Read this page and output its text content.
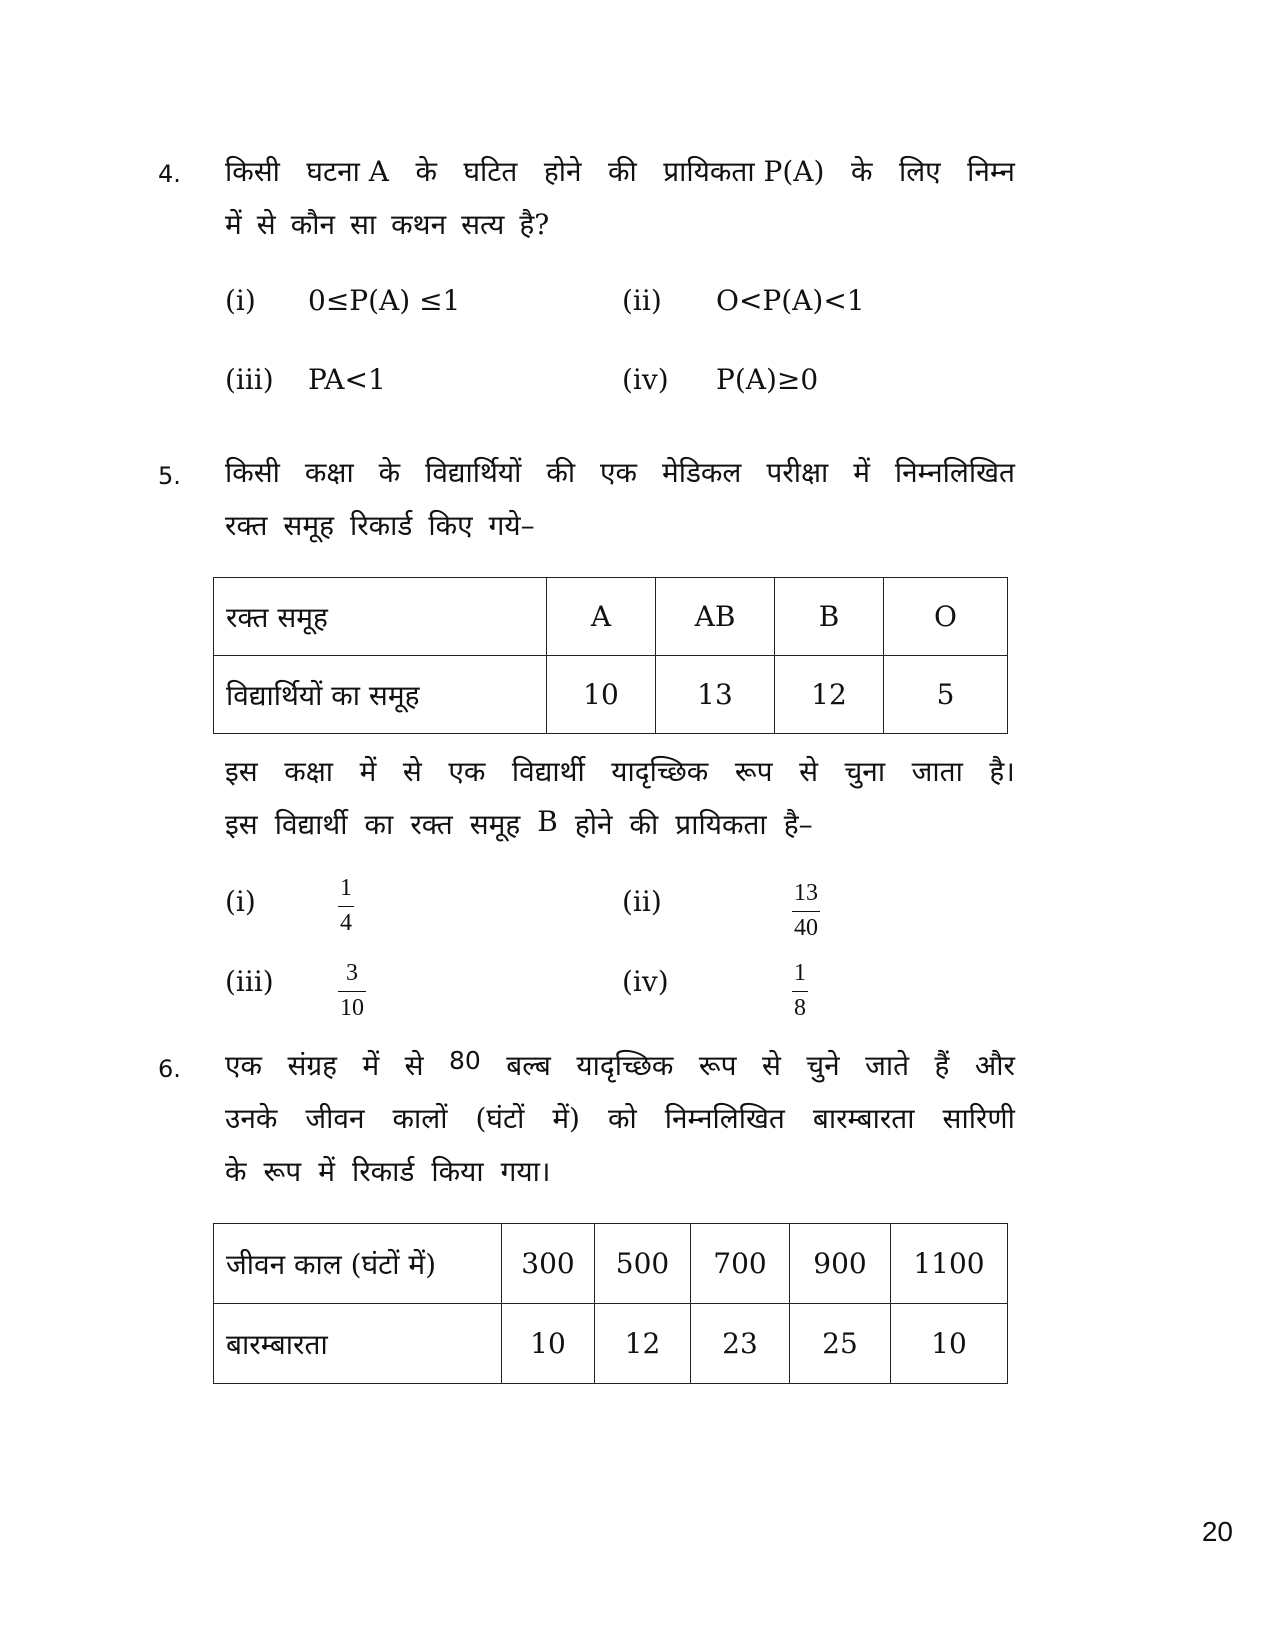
4. किसी घटना A के घटित होने की प्रायिकता P(A) के लिए निम्न
में से कौन सा कथन सत्य है?
(i) 0≤P(A) ≤1	(ii) O<P(A)<1
(iii) PA<1	(iv) P(A)≥0
5. किसी कक्षा के विद्यार्थियों की एक मेडिकल परीक्षा में निम्नलिखित
रक्त समूह रिकार्ड किए गये–
रक्त समूह	A	AB	B	O
विद्यार्थियों का समूह	10	13	12	5
इस कक्षा में से एक विद्यार्थी यादृच्छिक रूप से चुना जाता है।
इस विद्यार्थी का रक्त समूह B होने की प्रायिकता है–
(i)	1
4
(ii)	13
40
(iii)	3
10
(iv)	1
8
6. एक संग्रह में से 80 बल्ब यादृच्छिक रूप से चुने जाते हैं और
उनके जीवन कालों (घंटों में) को निम्नलिखित बारम्बारता सारिणी
के रूप में रिकार्ड किया गया।
जीवन काल (घंटों में)	300	500	700	900	1100
बारम्बारता	10	12	23	25	10
20
